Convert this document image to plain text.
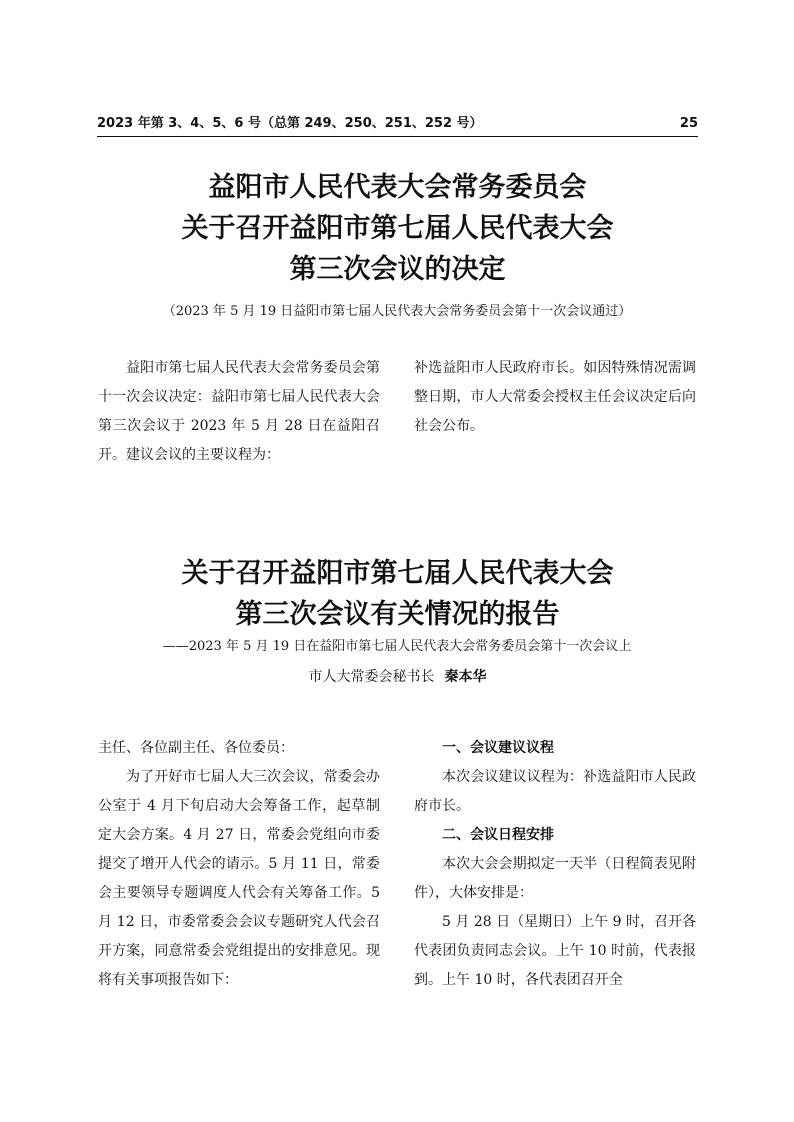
2023 年第 3、4、5、6 号（总第 249、250、251、252 号）	25
益阳市人民代表大会常务委员会
关于召开益阳市第七届人民代表大会
第三次会议的决定
（2023 年 5 月 19 日益阳市第七届人民代表大会常务委员会第十一次会议通过）

益阳市第七届人民代表大会常务委员会第十一次会议决定：益阳市第七届人民代表大会第三次会议于 2023 年 5 月 28 日在益阳召开。建议会议的主要议程为：

补选益阳市人民政府市长。如因特殊情况需调整日期，市人大常委会授权主任会议决定后向社会公布。

关于召开益阳市第七届人民代表大会
第三次会议有关情况的报告
——2023 年 5 月 19 日在益阳市第七届人民代表大会常务委员会第十一次会议上
市人大常委会秘书长 秦本华

主任、各位副主任、各位委员：

为了开好市七届人大三次会议，常委会办公室于 4 月下旬启动大会筹备工作，起草制定大会方案。4 月 27 日，常委会党组向市委提交了增开人代会的请示。5 月 11 日，常委会主要领导专题调度人代会有关筹备工作。5 月 12 日，市委常委会会议专题研究人代会召开方案，同意常委会党组提出的安排意见。现将有关事项报告如下：

一、会议建议议程

本次会议建议议程为：补选益阳市人民政府市长。

二、会议日程安排

本次大会会期拟定一天半（日程简表见附件），大体安排是：

5 月 28 日（星期日）上午 9 时，召开各代表团负责同志会议。上午 10 时前，代表报到。上午 10 时，各代表团召开全
